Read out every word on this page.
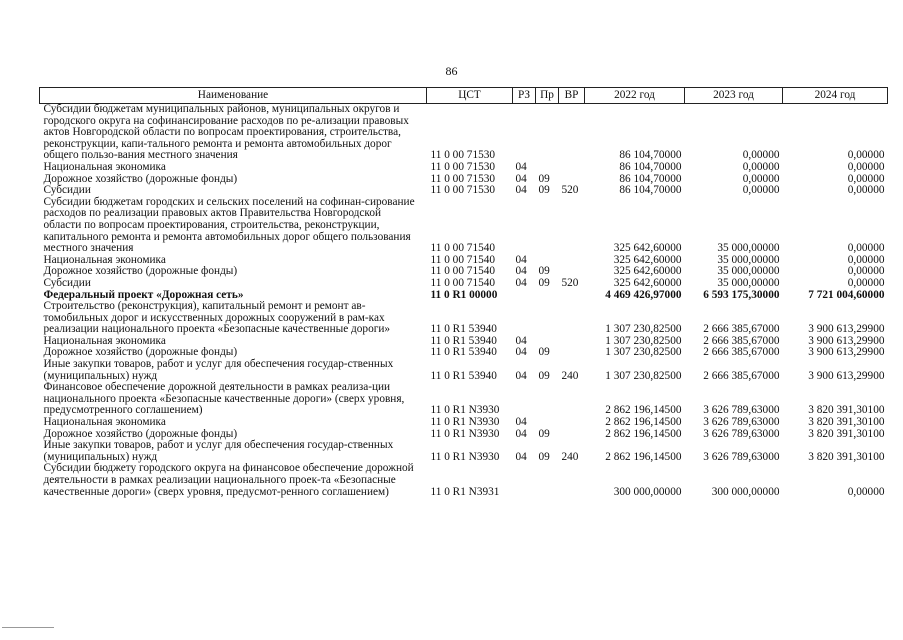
86
Наименование	ЦСТ	РЗ	Пр	ВР	2022 год	2023 год	2024 год
Субсидии бюджетам муниципальных районов, муниципальных округов и городского округа на софинансирование расходов по ре-ализации правовых актов Новгородской области по вопросам проектирования, строительства, реконструкции, капи-тального ремонта и ремонта автомобильных дорог общего пользо-вания местного значения	11 0 00 71530				86 104,70000	0,00000	0,00000
Национальная экономика	11 0 00 71530	04			86 104,70000	0,00000	0,00000
Дорожное хозяйство (дорожные фонды)	11 0 00 71530	04	09		86 104,70000	0,00000	0,00000
Субсидии	11 0 00 71530	04	09	520	86 104,70000	0,00000	0,00000
Субсидии бюджетам городских и сельских поселений на софинан-сирование расходов по реализации правовых актов Правительства Новгородской области по вопросам проектирования, строительства, реконструкции, капитального ремонта и ремонта автомобильных дорог общего пользования местного значения	11 0 00 71540				325 642,60000	35 000,00000	0,00000
Национальная экономика	11 0 00 71540	04			325 642,60000	35 000,00000	0,00000
Дорожное хозяйство (дорожные фонды)	11 0 00 71540	04	09		325 642,60000	35 000,00000	0,00000
Субсидии	11 0 00 71540	04	09	520	325 642,60000	35 000,00000	0,00000
Федеральный проект «Дорожная сеть»	11 0 R1 00000				4 469 426,97000	6 593 175,30000	7 721 004,60000
Строительство (реконструкция), капитальный ремонт и ремонт ав-томобильных дорог и искусственных дорожных сооружений в рам-ках реализации национального проекта «Безопасные качественные дороги»	11 0 R1 53940				1 307 230,82500	2 666 385,67000	3 900 613,29900
Национальная экономика	11 0 R1 53940	04			1 307 230,82500	2 666 385,67000	3 900 613,29900
Дорожное хозяйство (дорожные фонды)	11 0 R1 53940	04	09		1 307 230,82500	2 666 385,67000	3 900 613,29900
Иные закупки товаров, работ и услуг для обеспечения государ-ственных (муниципальных) нужд	11 0 R1 53940	04	09	240	1 307 230,82500	2 666 385,67000	3 900 613,29900
Финансовое обеспечение дорожной деятельности в рамках реализа-ции национального проекта «Безопасные качественные дороги» (сверх уровня, предусмотренного соглашением)	11 0 R1 N3930				2 862 196,14500	3 626 789,63000	3 820 391,30100
Национальная экономика	11 0 R1 N3930	04			2 862 196,14500	3 626 789,63000	3 820 391,30100
Дорожное хозяйство (дорожные фонды)	11 0 R1 N3930	04	09		2 862 196,14500	3 626 789,63000	3 820 391,30100
Иные закупки товаров, работ и услуг для обеспечения государ-ственных (муниципальных) нужд	11 0 R1 N3930	04	09	240	2 862 196,14500	3 626 789,63000	3 820 391,30100
Субсидии бюджету городского округа на финансовое обеспечение дорожной деятельности в рамках реализации национального проек-та «Безопасные качественные дороги» (сверх уровня, предусмот-ренного соглашением)	11 0 R1 N3931				300 000,00000	300 000,00000	0,00000
